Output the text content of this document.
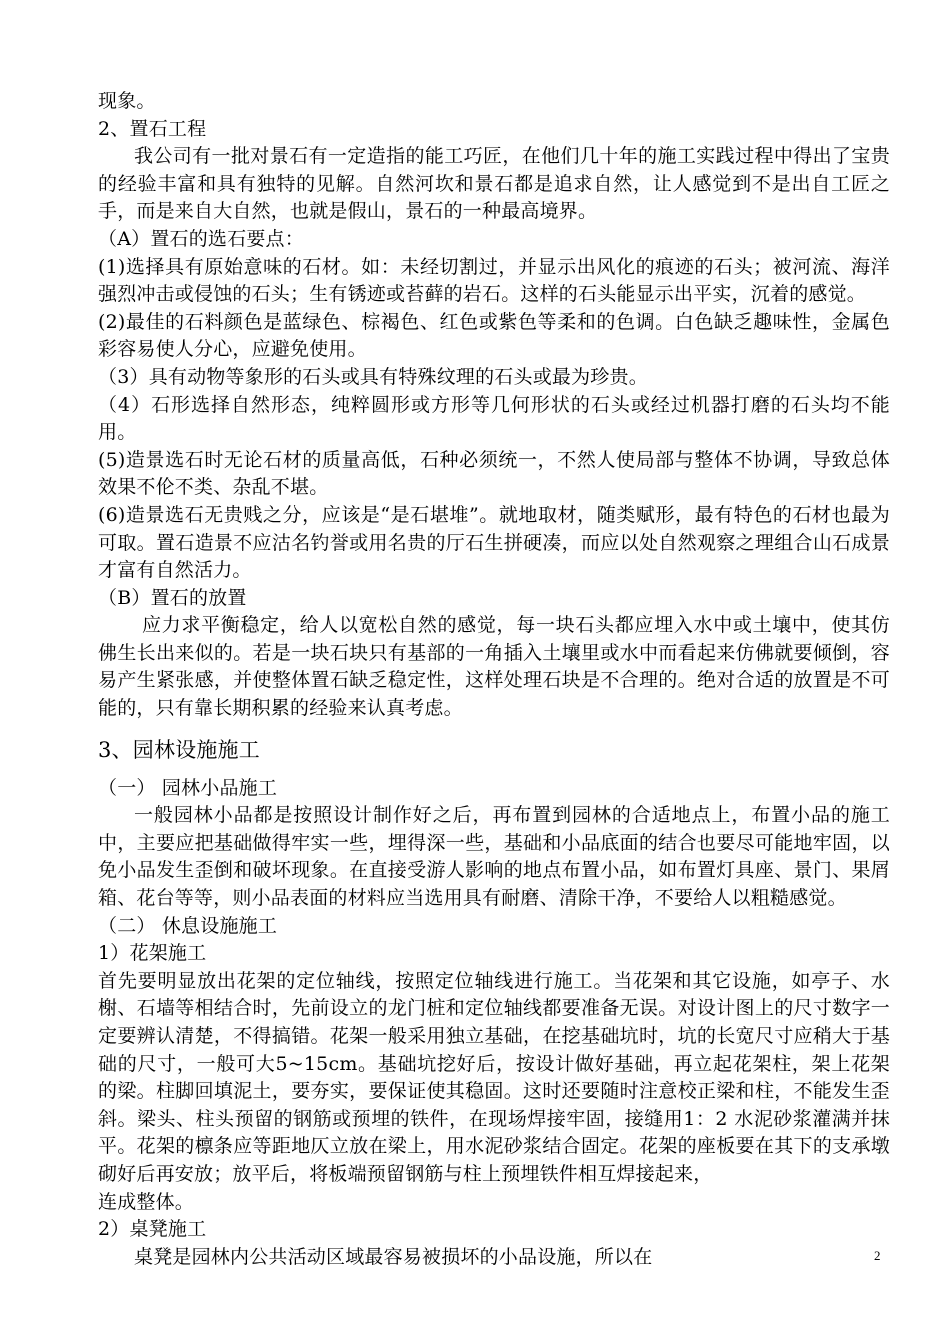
现象。

2、置石工程

我公司有一批对景石有一定造指的能工巧匠，在他们几十年的施工实践过程中得出了宝贵的经验丰富和具有独特的见解。自然河坎和景石都是追求自然，让人感觉到不是出自工匠之手，而是来自大自然，也就是假山，景石的一种最高境界。

（A）置石的选石要点：

(1)选择具有原始意味的石材。如：未经切割过，并显示出风化的痕迹的石头；被河流、海洋强烈冲击或侵蚀的石头；生有锈迹或苔藓的岩石。这样的石头能显示出平实，沉着的感觉。

(2)最佳的石料颜色是蓝绿色、棕褐色、红色或紫色等柔和的色调。白色缺乏趣味性，金属色彩容易使人分心，应避免使用。

（3）具有动物等象形的石头或具有特殊纹理的石头或最为珍贵。

（4）石形选择自然形态，纯粹圆形或方形等几何形状的石头或经过机器打磨的石头均不能用。

(5)造景选石时无论石材的质量高低，石种必须统一，不然人使局部与整体不协调，导致总体效果不伦不类、杂乱不堪。

(6)造景选石无贵贱之分，应该是“是石堪堆”。就地取材，随类赋形，最有特色的石材也最为可取。置石造景不应沽名钓誉或用名贵的厅石生拼硬凑，而应以处自然观察之理组合山石成景才富有自然活力。

（B）置石的放置

应力求平衡稳定，给人以宽松自然的感觉，每一块石头都应埋入水中或土壤中，使其仿佛生长出来似的。若是一块石块只有基部的一角插入土壤里或水中而看起来仿佛就要倾倒，容易产生紧张感，并使整体置石缺乏稳定性，这样处理石块是不合理的。绝对合适的放置是不可能的，只有靠长期积累的经验来认真考虑。

3、园林设施施工

（一） 园林小品施工

一般园林小品都是按照设计制作好之后，再布置到园林的合适地点上，布置小品的施工中，主要应把基础做得牢实一些，埋得深一些，基础和小品底面的结合也要尽可能地牢固，以免小品发生歪倒和破坏现象。在直接受游人影响的地点布置小品，如布置灯具座、景门、果屑箱、花台等等，则小品表面的材料应当选用具有耐磨、清除干净，不要给人以粗糙感觉。

（二） 休息设施施工

1）花架施工

首先要明显放出花架的定位轴线，按照定位轴线进行施工。当花架和其它设施，如亭子、水榭、石墙等相结合时，先前设立的龙门桩和定位轴线都要准备无误。对设计图上的尺寸数字一定要辨认清楚，不得搞错。花架一般采用独立基础，在挖基础坑时，坑的长宽尺寸应稍大于基础的尺寸，一般可大5~15cm。基础坑挖好后，按设计做好基础，再立起花架柱，架上花架的梁。柱脚回填泥土，要夯实，要保证使其稳固。这时还要随时注意校正梁和柱，不能发生歪斜。梁头、柱头预留的钢筋或预埋的铁件，在现场焊接牢固，接缝用1：2 水泥砂浆灌满并抹平。花架的檩条应等距地仄立放在梁上，用水泥砂浆结合固定。花架的座板要在其下的支承墩砌好后再安放；放平后，将板端预留钢筋与柱上预埋铁件相互焊接起来，

连成整体。

2）桌凳施工

桌凳是园林内公共活动区域最容易被损坏的小品设施，所以在	2
